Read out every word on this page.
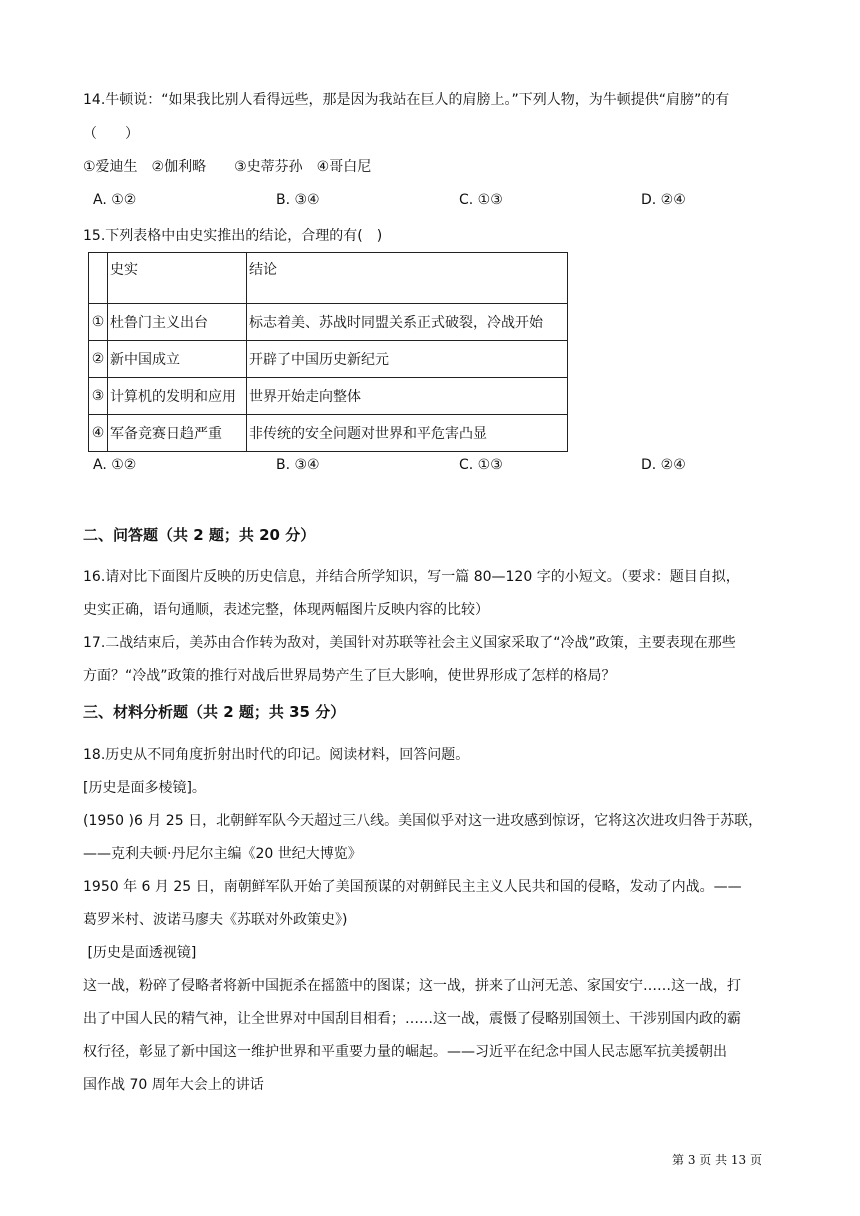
14.牛顿说：“如果我比别人看得远些，那是因为我站在巨人的肩膀上。”下列人物，为牛顿提供“肩膀”的有
（　　）
①爱迪生　②伽利略　　③史蒂芬孙　④哥白尼
A. ①②	B. ③④	C. ①③	D. ②④
15.下列表格中由史实推出的结论，合理的有(　)
	史实	结论
①	杜鲁门主义出台	标志着美、苏战时同盟关系正式破裂，冷战开始
②	新中国成立	开辟了中国历史新纪元
③	计算机的发明和应用	世界开始走向整体
④	军备竞赛日趋严重	非传统的安全问题对世界和平危害凸显
A. ①②	B. ③④	C. ①③	D. ②④
二、问答题（共 2 题；共 20 分）
16.请对比下面图片反映的历史信息，并结合所学知识，写一篇 80—120 字的小短文。（要求：题目自拟，
史实正确，语句通顺，表述完整，体现两幅图片反映内容的比较）
17.二战结束后，美苏由合作转为敌对，美国针对苏联等社会主义国家采取了“冷战”政策，主要表现在那些
方面？“冷战”政策的推行对战后世界局势产生了巨大影响，使世界形成了怎样的格局？
三、材料分析题（共 2 题；共 35 分）
18.历史从不同角度折射出时代的印记。阅读材料，回答问题。
[历史是面多棱镜]。
(1950 )6 月 25 日，北朝鲜军队今天超过三八线。美国似乎对这一进攻感到惊讶，它将这次进攻归咎于苏联，
——克利夫顿·丹尼尔主编《20 世纪大博览》
1950 年 6 月 25 日，南朝鲜军队开始了美国预谋的对朝鲜民主主义人民共和国的侵略，发动了内战。——
葛罗米村、波诺马廖夫《苏联对外政策史》)
[历史是面透视镜]
这一战，粉碎了侵略者将新中国扼杀在摇篮中的图谋；这一战，拼来了山河无恙、家国安宁……这一战，打
出了中国人民的精气神，让全世界对中国刮目相看；……这一战，震慑了侵略别国领土、干涉别国内政的霸
权行径，彰显了新中国这一维护世界和平重要力量的崛起。——习近平在纪念中国人民志愿军抗美援朝出
国作战 70 周年大会上的讲话
第 3 页 共 13 页
